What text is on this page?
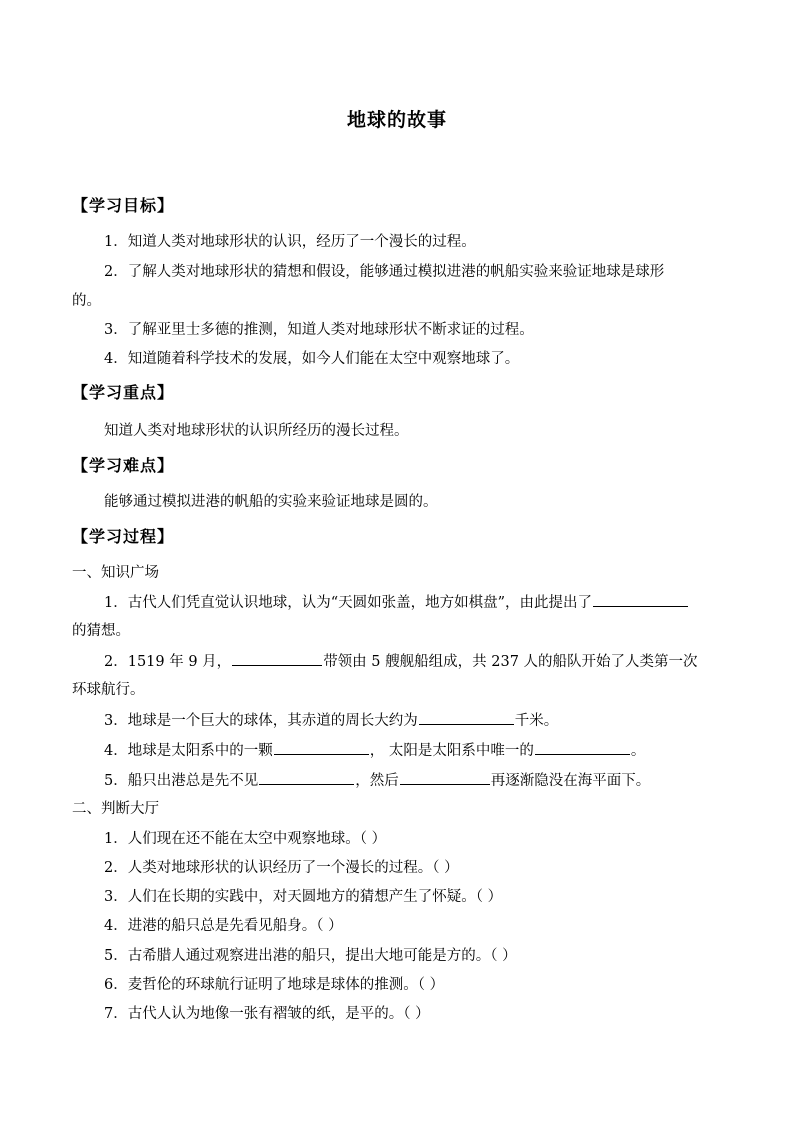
地球的故事
【学习目标】
1．知道人类对地球形状的认识，经历了一个漫长的过程。
2．了解人类对地球形状的猜想和假设，能够通过模拟进港的帆船实验来验证地球是球形
的。
3．了解亚里士多德的推测，知道人类对地球形状不断求证的过程。
4．知道随着科学技术的发展，如今人们能在太空中观察地球了。
【学习重点】
知道人类对地球形状的认识所经历的漫长过程。
【学习难点】
能够通过模拟进港的帆船的实验来验证地球是圆的。
【学习过程】
一、知识广场
1．古代人们凭直觉认识地球，认为“天圆如张盖，地方如棋盘”，由此提出了
的猜想。
2．1519 年 9 月，	带领由 5 艘舰船组成，共 237 人的船队开始了人类第一次
环球航行。
3．地球是一个巨大的球体，其赤道的周长大约为	千米。
4．地球是太阳系中的一颗	， 太阳是太阳系中唯一的	。
5．船只出港总是先不见	，然后	再逐渐隐没在海平面下。
二、判断大厅
1．人们现在还不能在太空中观察地球。（ ）
2．人类对地球形状的认识经历了一个漫长的过程。（ ）
3．人们在长期的实践中，对天圆地方的猜想产生了怀疑。（ ）
4．进港的船只总是先看见船身。（ ）
5．古希腊人通过观察进出港的船只，提出大地可能是方的。（ ）
6．麦哲伦的环球航行证明了地球是球体的推测。（ ）
7．古代人认为地像一张有褶皱的纸，是平的。（ ）
